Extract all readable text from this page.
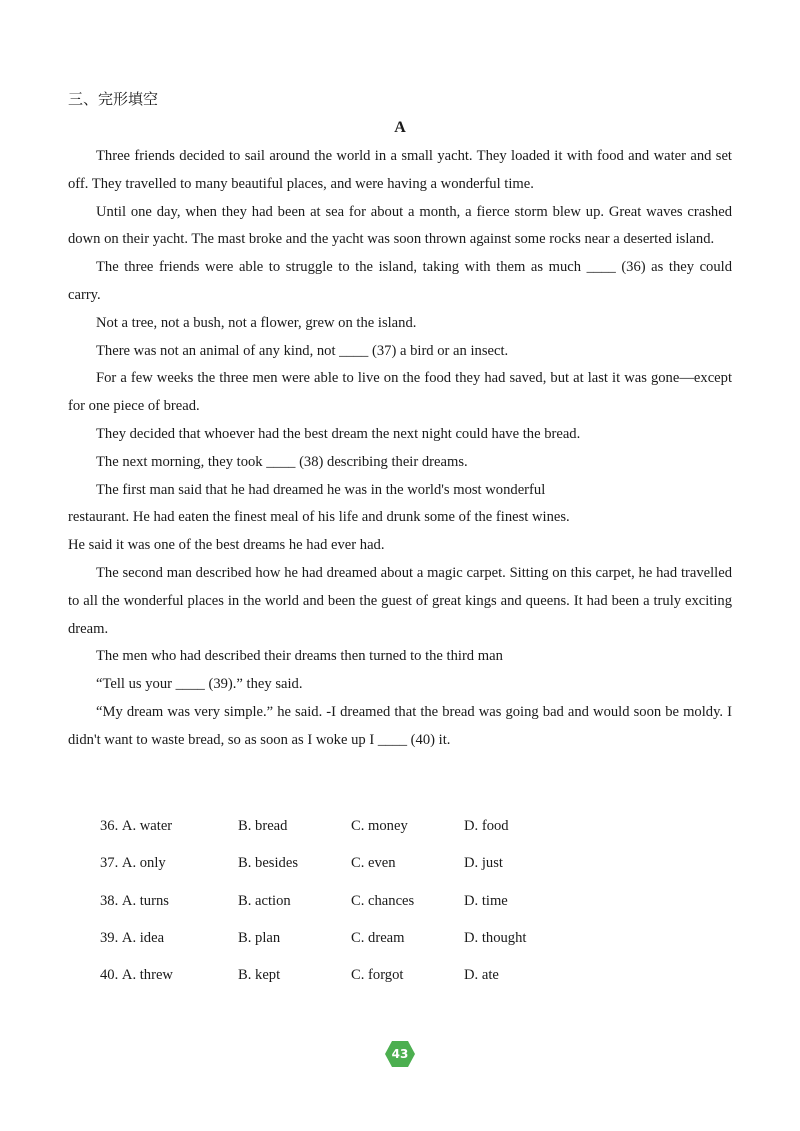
三、完形填空
A

Three friends decided to sail around the world in a small yacht. They loaded it with food and water and set off. They travelled to many beautiful places, and were having a wonderful time.

Until one day, when they had been at sea for about a month, a fierce storm blew up. Great waves crashed down on their yacht. The mast broke and the yacht was soon thrown against some rocks near a deserted island.

The three friends were able to struggle to the island, taking with them as much ____ (36) as they could carry.

Not a tree, not a bush, not a flower, grew on the island.

There was not an animal of any kind, not ____ (37) a bird or an insect.

For a few weeks the three men were able to live on the food they had saved, but at last it was gone—except for one piece of bread.

They decided that whoever had the best dream the next night could have the bread.

The next morning, they took ____ (38) describing their dreams.

The first man said that he had dreamed he was in the world's most wonderful

restaurant. He had eaten the finest meal of his life and drunk some of the finest wines.

He said it was one of the best dreams he had ever had.

The second man described how he had dreamed about a magic carpet. Sitting on this carpet, he had travelled to all the wonderful places in the world and been the guest of great kings and queens. It had been a truly exciting dream.

The men who had described their dreams then turned to the third man

“Tell us your ____ (39).” they said.

“My dream was very simple.” he said. -I dreamed that the bread was going bad and would soon be moldy. I didn't want to waste bread, so as soon as I woke up I ____ (40) it.

36. A. water	B. bread	C. money	D. food
37. A. only	B. besides	C. even	D. just
38. A. turns	B. action	C. chances	D. time
39. A. idea	B. plan	C. dream	D. thought
40. A. threw	B. kept	C. forgot	D. ate
43
